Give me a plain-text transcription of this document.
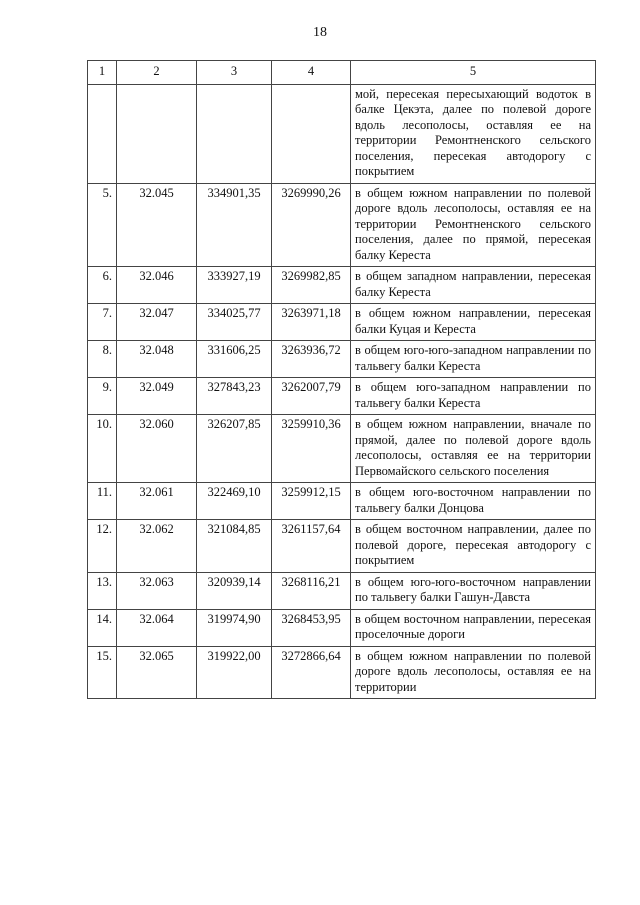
18
1	2	3	4	5

				мой, пересекая пересыхающий водоток в балке Цекэта, далее по полевой дороге вдоль лесополосы, оставляя ее на территории Ремонтненского сельского поселения, пересекая автодорогу с покрытием

5.	32.045	334901,35	3269990,26	в общем южном направлении по полевой дороге вдоль лесополосы, оставляя ее на территории Ремонтненского сельского поселения, далее по прямой, пересекая балку Кереста

6.	32.046	333927,19	3269982,85	в общем западном направлении, пересекая балку Кереста

7.	32.047	334025,77	3263971,18	в общем южном направлении, пересекая балки Куцая и Кереста

8.	32.048	331606,25	3263936,72	в общем юго-юго-западном направлении по тальвегу балки Кереста

9.	32.049	327843,23	3262007,79	в общем юго-западном направлении по тальвегу балки Кереста

10.	32.060	326207,85	3259910,36	в общем южном направлении, вначале по прямой, далее по полевой дороге вдоль лесополосы, оставляя ее на территории Первомайского сельского поселения

11.	32.061	322469,10	3259912,15	в общем юго-восточном направлении по тальвегу балки Донцова

12.	32.062	321084,85	3261157,64	в общем восточном направлении, далее по полевой дороге, пересекая автодорогу с покрытием

13.	32.063	320939,14	3268116,21	в общем юго-юго-восточном направлении по тальвегу балки Гашун-Давста

14.	32.064	319974,90	3268453,95	в общем восточном направлении, пересекая проселочные дороги

15.	32.065	319922,00	3272866,64	в общем южном направлении по полевой дороге вдоль лесополосы, оставляя ее на территории
